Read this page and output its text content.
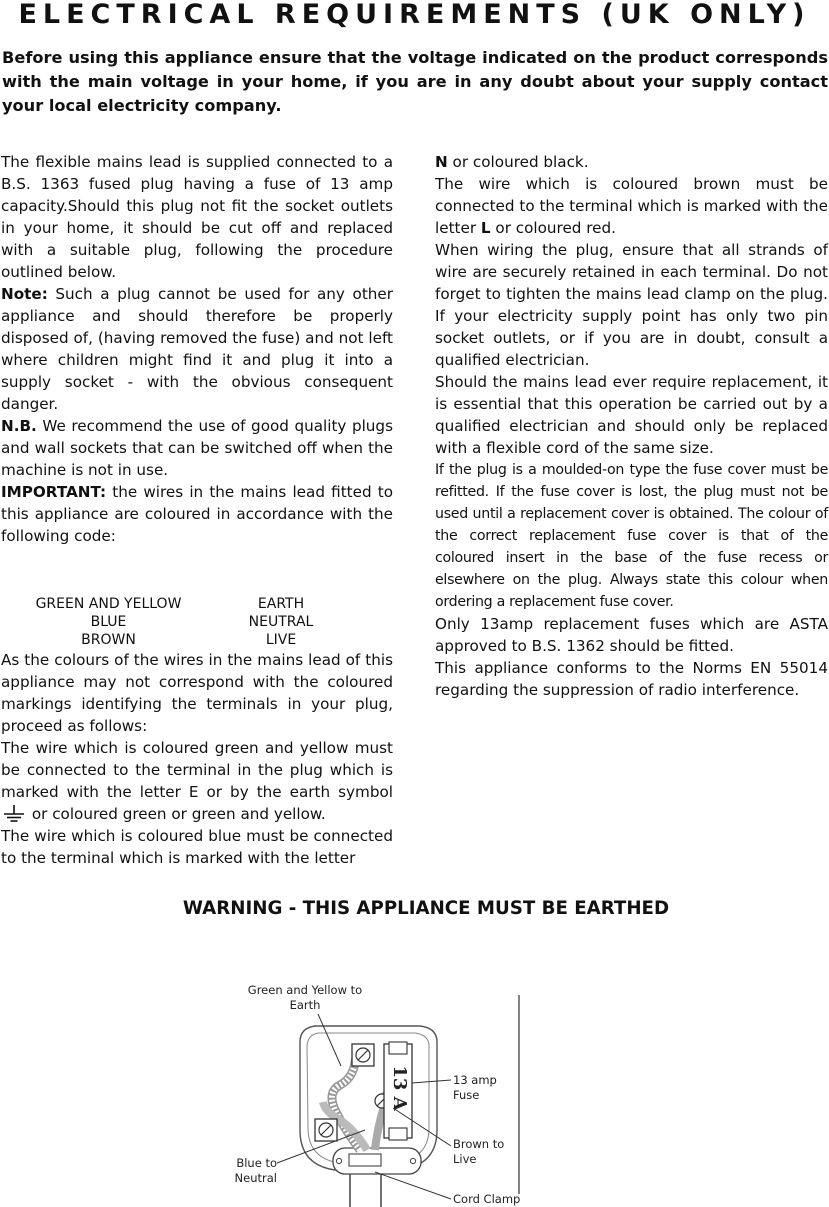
ELECTRICAL REQUIREMENTS (UK ONLY)

Before using this appliance ensure that the voltage indicated on the product corresponds with the main voltage in your home, if you are in any doubt about your supply contact your local electricity company.

The flexible mains lead is supplied connected to a B.S. 1363 fused plug having a fuse of 13 amp capacity.Should this plug not fit the socket outlets in your home, it should be cut off and replaced with a suitable plug, following the procedure outlined below.

Note: Such a plug cannot be used for any other appliance and should therefore be properly disposed of, (having removed the fuse) and not left where children might find it and plug it into a supply socket - with the obvious consequent danger.

N.B. We recommend the use of good quality plugs and wall sockets that can be switched off when the machine is not in use.

IMPORTANT: the wires in the mains lead fitted to this appliance are coloured in accordance with the following code:

GREEN AND YELLOW	EARTH
BLUE	NEUTRAL
BROWN	LIVE

As the colours of the wires in the mains lead of this appliance may not correspond with the coloured markings identifying the terminals in your plug, proceed as follows:

The wire which is coloured green and yellow must be connected to the terminal in the plug which is marked with the letter E or by the earth symbol  or coloured green or green and yellow.

The wire which is coloured blue must be connected to the terminal which is marked with the letter

N or coloured black.

The wire which is coloured brown must be connected to the terminal which is marked with the letter L or coloured red.

When wiring the plug, ensure that all strands of wire are securely retained in each terminal. Do not forget to tighten the mains lead clamp on the plug. If your electricity supply point has only two pin socket outlets, or if you are in doubt, consult a qualified electrician.

Should the mains lead ever require replacement, it is essential that this operation be carried out by a qualified electrician and should only be replaced with a flexible cord of the same size.

If the plug is a moulded-on type the fuse cover must be refitted. If the fuse cover is lost, the plug must not be used until a replacement cover is obtained. The colour of the correct replacement fuse cover is that of the coloured insert in the base of the fuse recess or elsewhere on the plug. Always state this colour when ordering a replacement fuse cover.

Only 13amp replacement fuses which are ASTA approved to B.S. 1362 should be fitted.

This appliance conforms to the Norms EN 55014 regarding the suppression of radio interference.

WARNING - THIS APPLIANCE MUST BE EARTHED

13 A
Green and Yellow to Earth
13 amp
Fuse
Brown to
Live
Blue to Neutral
Cord Clamp
